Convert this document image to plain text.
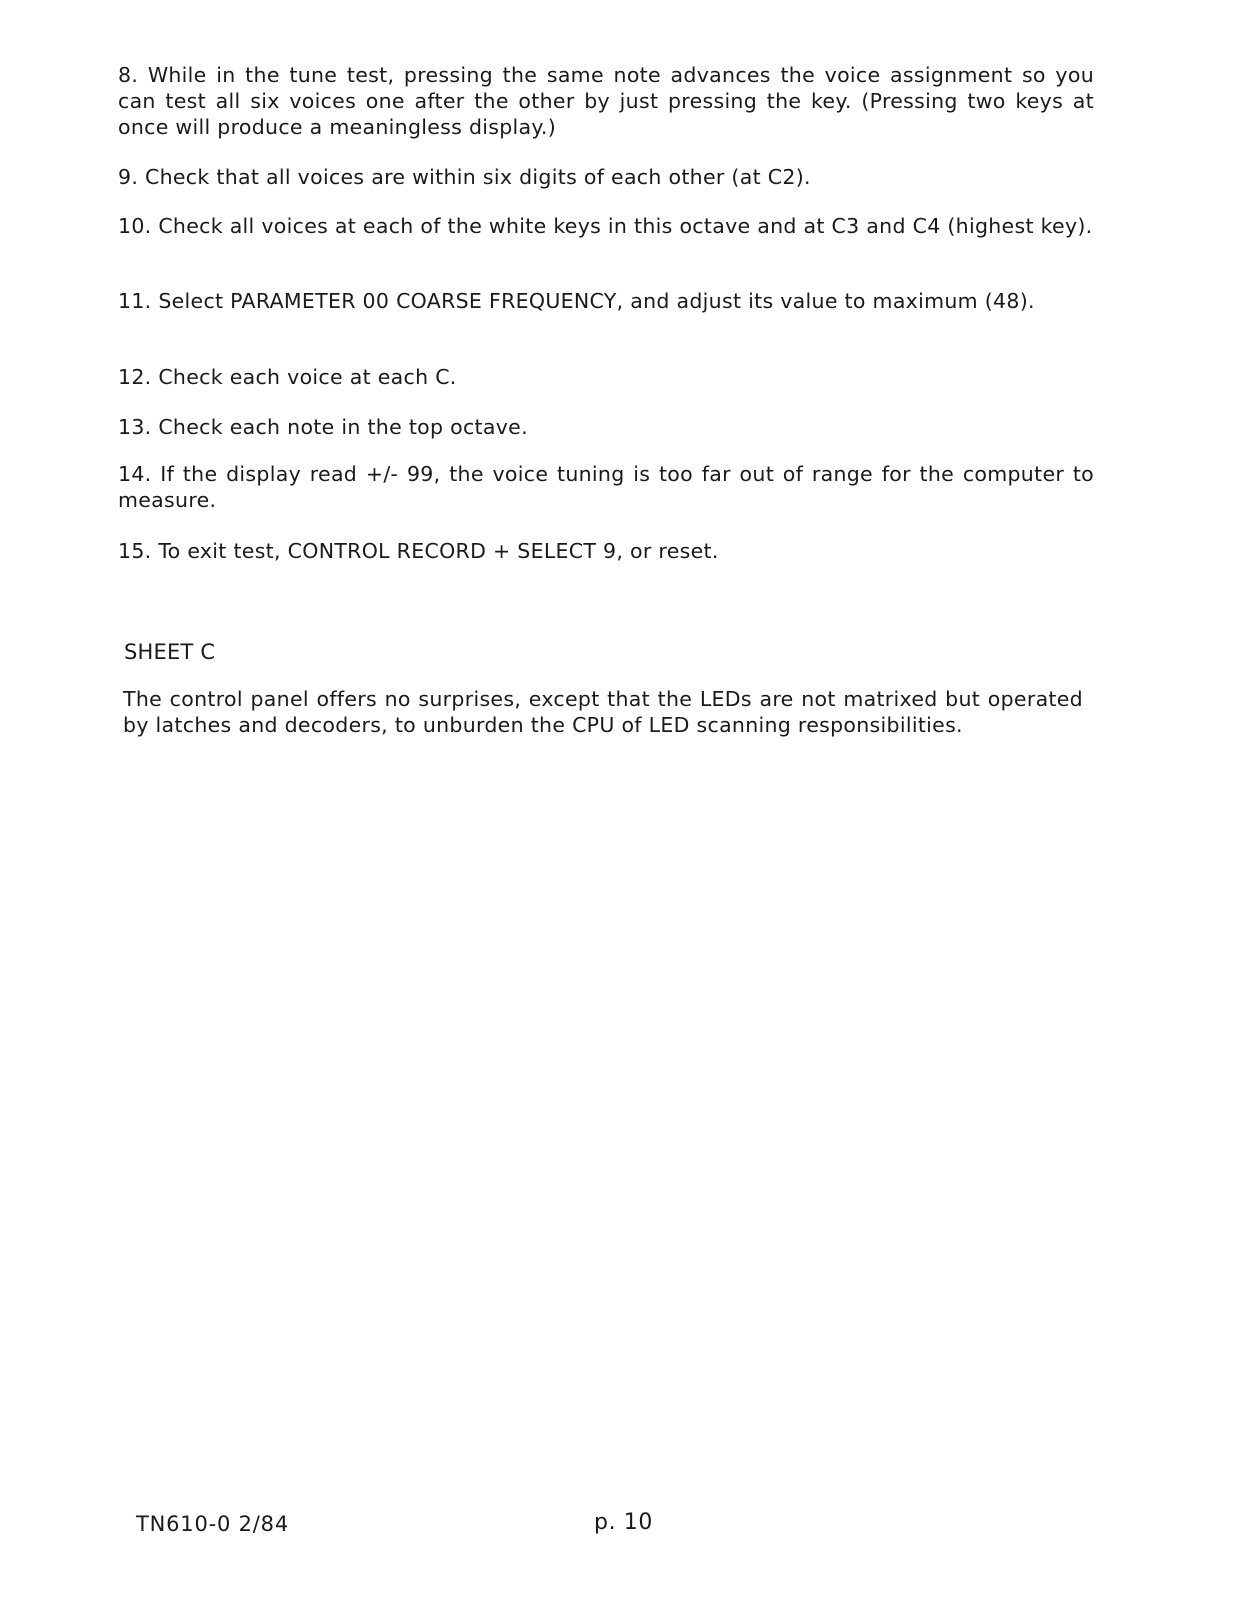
8. While in the tune test, pressing the same note advances the voice assignment so you can test all six voices one after the other by just pressing the key. (Pressing two keys at once will produce a meaningless display.)

9. Check that all voices are within six digits of each other (at C2).

10. Check all voices at each of the white keys in this octave and at C3 and C4 (highest key).

11. Select PARAMETER 00 COARSE FREQUENCY, and adjust its value to maximum (48).

12. Check each voice at each C.

13. Check each note in the top octave.

14. If the display read +/- 99, the voice tuning is too far out of range for the computer to measure.

15. To exit test, CONTROL RECORD + SELECT 9, or reset.

SHEET C

The control panel offers no surprises, except that the LEDs are not matrixed but operated by latches and decoders, to unburden the CPU of LED scanning responsibilities.

TN610-0 2/84	p. 10
